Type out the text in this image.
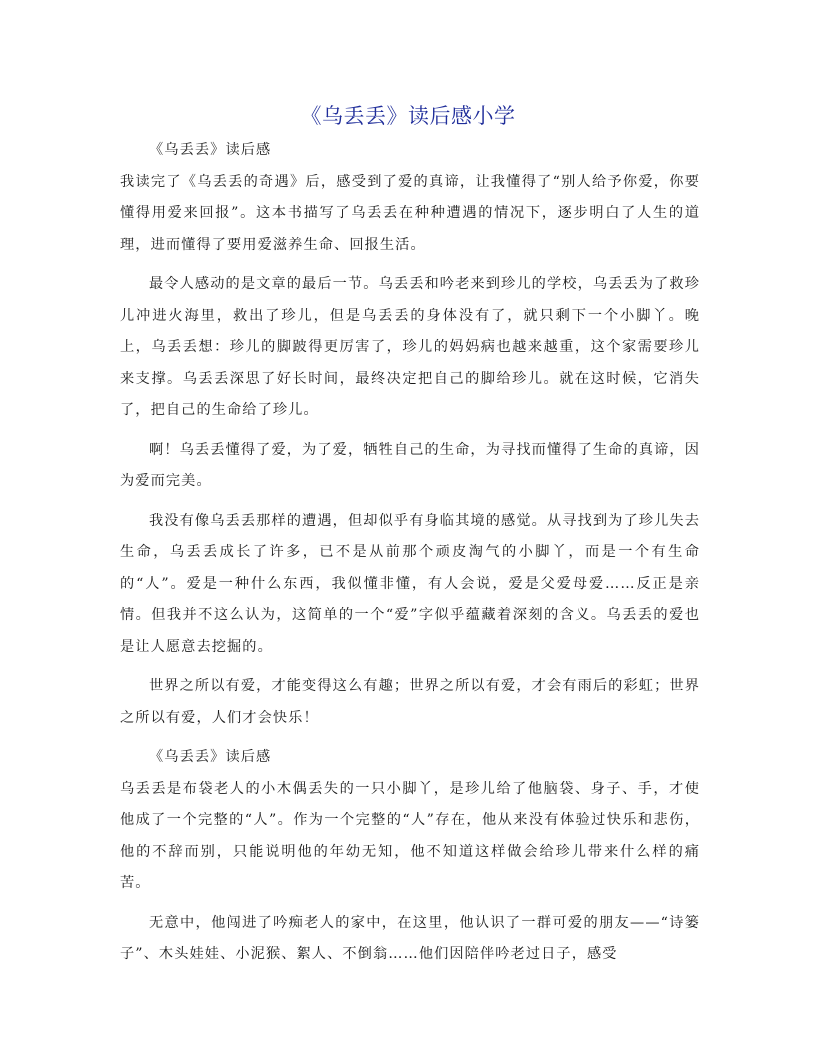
《乌丢丢》读后感小学

《乌丢丢》读后感

我读完了《乌丢丢的奇遇》后，感受到了爱的真谛，让我懂得了“别人给予你爱，你要懂得用爱来回报”。这本书描写了乌丢丢在种种遭遇的情况下，逐步明白了人生的道理，进而懂得了要用爱滋养生命、回报生活。

最令人感动的是文章的最后一节。乌丢丢和吟老来到珍儿的学校，乌丢丢为了救珍儿冲进火海里，救出了珍儿，但是乌丢丢的身体没有了，就只剩下一个小脚丫。晚上，乌丢丢想：珍儿的脚跛得更厉害了，珍儿的妈妈病也越来越重，这个家需要珍儿来支撑。乌丢丢深思了好长时间，最终决定把自己的脚给珍儿。就在这时候，它消失了，把自己的生命给了珍儿。

啊！乌丢丢懂得了爱，为了爱，牺牲自己的生命，为寻找而懂得了生命的真谛，因为爱而完美。

我没有像乌丢丢那样的遭遇，但却似乎有身临其境的感觉。从寻找到为了珍儿失去生命，乌丢丢成长了许多，已不是从前那个顽皮淘气的小脚丫，而是一个有生命的“人”。爱是一种什么东西，我似懂非懂，有人会说，爱是父爱母爱……反正是亲情。但我并不这么认为，这简单的一个“爱”字似乎蕴藏着深刻的含义。乌丢丢的爱也是让人愿意去挖掘的。

世界之所以有爱，才能变得这么有趣；世界之所以有爱，才会有雨后的彩虹；世界之所以有爱，人们才会快乐！

《乌丢丢》读后感

乌丢丢是布袋老人的小木偶丢失的一只小脚丫，是珍儿给了他脑袋、身子、手，才使他成了一个完整的“人”。作为一个完整的“人”存在，他从来没有体验过快乐和悲伤，他的不辞而别，只能说明他的年幼无知，他不知道这样做会给珍儿带来什么样的痛苦。

无意中，他闯进了吟痴老人的家中，在这里，他认识了一群可爱的朋友——“诗篓子”、木头娃娃、小泥猴、絮人、不倒翁……他们因陪伴吟老过日子，感受
